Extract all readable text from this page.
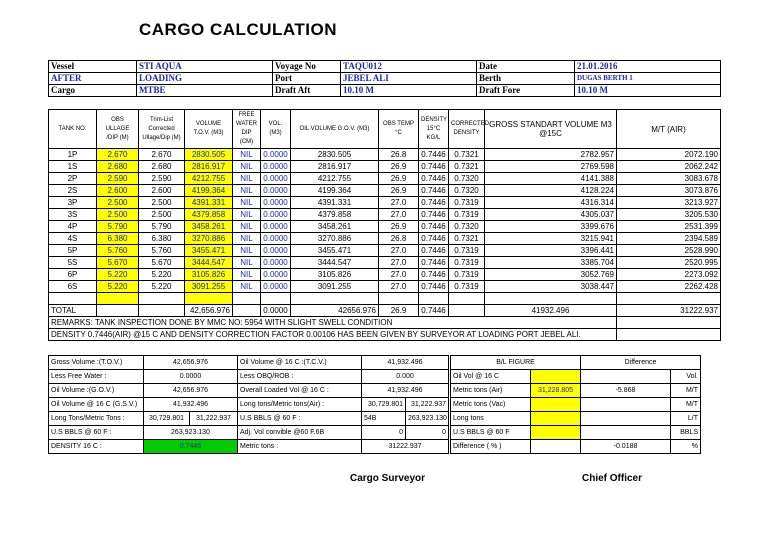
CARGO CALCULATION
Vessel	STI AQUA	Voyage No	TAQU012	Date	21.01.2016
AFTER	LOADING	Port	JEBEL ALI	Berth	DUGAS BERTH 1
Cargo	MTBE	Draft Aft	10.10 M	Draft Fore	10.10 M
TANK NO.	OBS ULLAGE /DIP (M)	Trim-List Corrected Ullage/Dip (M)	VOLUME T.O.V. (M3)	FREE WATER DIP (CM)	VOL. (M3)	OIL VOLUME G.O.V. (M3)	OBS TEMP °C	DENSITY 15°C KG/L	CORRECTED DENSITY	GROSS STANDART VOLUME M3 @15C	M/T (AIR)
1P	2.670	2.670	2830.505	NIL	0.0000	2830.505	26.8	0.7446	0.7321	2782.957	2072.190
1S	2.680	2.680	2816.917	NIL	0.0000	2816.917	26.9	0.7446	0.7321	2769.598	2062.242
2P	2.590	2.590	4212.755	NIL	0.0000	4212.755	26.9	0.7446	0.7320	4141.388	3083.678
2S	2.600	2.600	4199.364	NIL	0.0000	4199.364	26.9	0.7446	0.7320	4128.224	3073.876
3P	2.500	2.500	4391.331	NIL	0.0000	4391.331	27.0	0.7446	0.7319	4316.314	3213.927
3S	2.500	2.500	4379.858	NIL	0.0000	4379.858	27.0	0.7446	0.7319	4305.037	3205.530
4P	5.790	5.790	3458.261	NIL	0.0000	3458.261	26.9	0.7446	0.7320	3399.676	2531.399
4S	6.380	6.380	3270.886	NIL	0.0000	3270.886	26.8	0.7446	0.7321	3215.941	2394.589
5P	5.760	5.760	3455.471	NIL	0.0000	3455.471	27.0	0.7446	0.7319	3396.441	2528.990
5S	5.670	5.670	3444.547	NIL	0.0000	3444.547	27.0	0.7446	0.7319	3385.704	2520.995
6P	5.220	5.220	3105.826	NIL	0.0000	3105.826	27.0	0.7446	0.7319	3052.769	2273.092
6S	5.220	5.220	3091.255	NIL	0.0000	3091.255	27.0	0.7446	0.7319	3038.447	2262.428

TOTAL			42,656.976		0.0000	42656.976	26.9	0.7446		41932.496	31222.937
REMARKS: TANK INSPECTION DONE BY MMC NO: 5954 WITH SLIGHT SWELL CONDITION											
DENSITY 0.7446(AIR) @15 C AND DENSITY CORRECTION FACTOR 0.00106 HAS BEEN GIVEN BY SURVEYOR AT LOADING PORT JEBEL ALI.											
Gross Volume :(T.O.V.)	42,656.976		Oil Volume @ 16 C :(T.C.V.)	41,932.496	
Less Free Water :	0.0000		Less OBQ/ROB :	0.000	
Oil Volume :(G.O.V.)	42,656.976		Overall Loaded Vol @ 16 C :	41,932.496	
Oil Volume @ 16 C (G.S.V.)	41,932.496		Long tons/Metric tons(Air) :	30,729.801	31,222.937
Long Tons/Metric Tons :	30,729.801	31,222.937	U.S BBLS @ 60 F :	54B	263,923.130
U.S BBLS @ 60 F :	263,923.130		Adj. Vol convible @60 F.6B	0	0
DENSITY 16 C :	0.7446		Metric tons :	31222.937	
B/L FIGURE		Difference	
Oil Vol @ 16 C			Vol.
Metric tons (Air)	31,228.805	-5.868	M/T
Metric tons (Vac)			M/T
Long tons			L/T
U.S BBLS @ 60 F			BBLS
Difference ( % )		-0.0188	%
Cargo Surveyor	Chief Officer
